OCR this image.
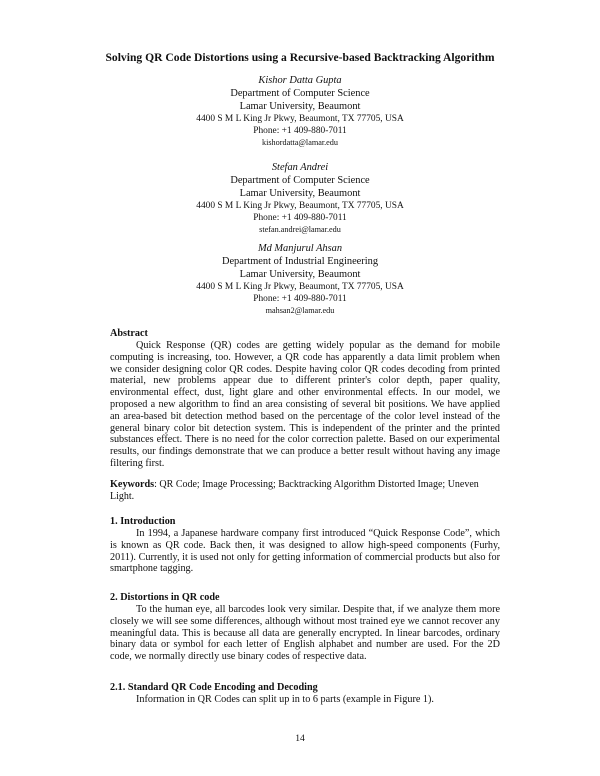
Solving QR Code Distortions using a Recursive-based Backtracking Algorithm
Kishor Datta Gupta
Department of Computer Science
Lamar University, Beaumont
4400 S M L King Jr Pkwy, Beaumont, TX 77705, USA
Phone: +1 409-880-7011
kishordatta@lamar.edu
Stefan Andrei
Department of Computer Science
Lamar University, Beaumont
4400 S M L King Jr Pkwy, Beaumont, TX 77705, USA
Phone: +1 409-880-7011
stefan.andrei@lamar.edu
Md Manjurul Ahsan
Department of Industrial Engineering
Lamar University, Beaumont
4400 S M L King Jr Pkwy, Beaumont, TX 77705, USA
Phone: +1 409-880-7011
mahsan2@lamar.edu
Abstract
Quick Response (QR) codes are getting widely popular as the demand for mobile computing is increasing, too. However, a QR code has apparently a data limit problem when we consider designing color QR codes. Despite having color QR codes decoding from printed material, new problems appear due to different printer's color depth, paper quality, environmental effect, dust, light glare and other environmental effects. In our model, we proposed a new algorithm to find an area consisting of several bit positions. We have applied an area-based bit detection method based on the percentage of the color level instead of the general binary color bit detection system. This is independent of the printer and the printed substances effect. There is no need for the color correction palette. Based on our experimental results, our findings demonstrate that we can produce a better result without having any image filtering first.
Keywords: QR Code; Image Processing; Backtracking Algorithm Distorted Image; Uneven Light.
1. Introduction
In 1994, a Japanese hardware company first introduced “Quick Response Code”, which is known as QR code. Back then, it was designed to allow high-speed components (Furhy, 2011). Currently, it is used not only for getting information of commercial products but also for smartphone tagging.
2. Distortions in QR code
To the human eye, all barcodes look very similar. Despite that, if we analyze them more closely we will see some differences, although without most trained eye we cannot recover any meaningful data. This is because all data are generally encrypted. In linear barcodes, ordinary binary data or symbol for each letter of English alphabet and number are used. For the 2D code, we normally directly use binary codes of respective data.
2.1. Standard QR Code Encoding and Decoding
Information in QR Codes can split up in to 6 parts (example in Figure 1).
14
